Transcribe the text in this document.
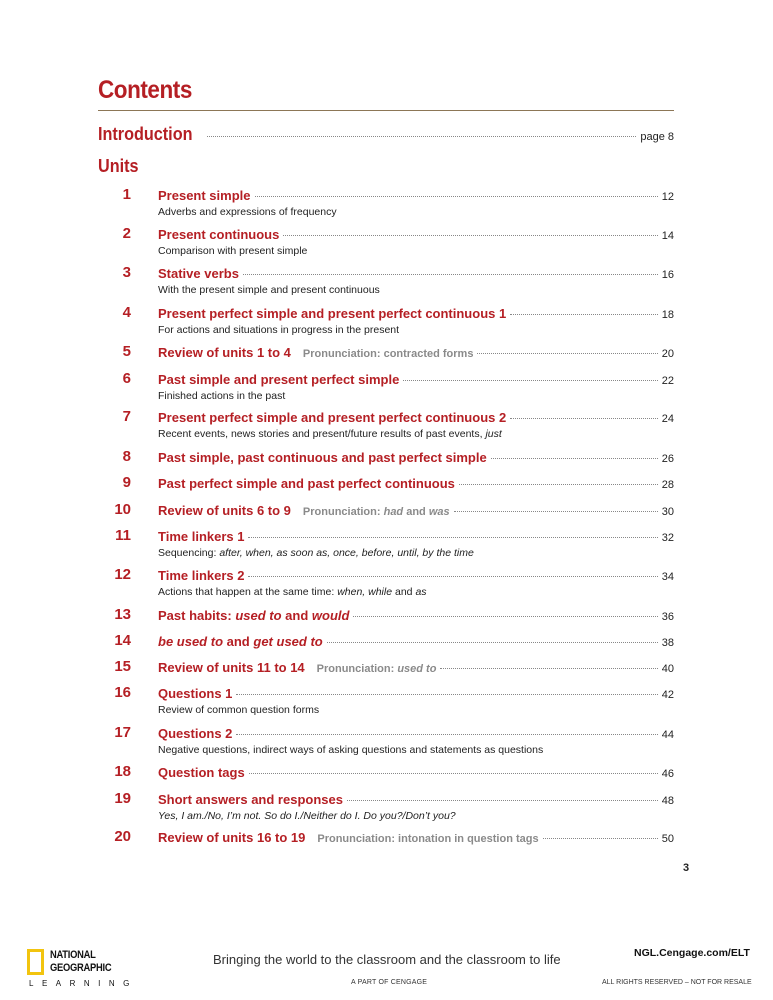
Contents
Introduction	page 8
Units
1 Present simple	12
Adverbs and expressions of frequency
2 Present continuous	14
Comparison with present simple
3 Stative verbs	16
With the present simple and present continuous
4 Present perfect simple and present perfect continuous 1	18
For actions and situations in progress in the present
5 Review of units 1 to 4 Pronunciation: contracted forms	20
6 Past simple and present perfect simple	22
Finished actions in the past
7 Present perfect simple and present perfect continuous 2	24
Recent events, news stories and present/future results of past events, just
8 Past simple, past continuous and past perfect simple	26
9 Past perfect simple and past perfect continuous	28
10 Review of units 6 to 9 Pronunciation: had and was	30
11 Time linkers 1	32
Sequencing: after, when, as soon as, once, before, until, by the time
12 Time linkers 2	34
Actions that happen at the same time: when, while and as
13 Past habits: used to and would	36
14 be used to and get used to	38
15 Review of units 11 to 14 Pronunciation: used to	40
16 Questions 1	42
Review of common question forms
17 Questions 2	44
Negative questions, indirect ways of asking questions and statements as questions
18 Question tags	46
19 Short answers and responses	48
Yes, I am./No, I’m not. So do I./Neither do I. Do you?/Don’t you?
20 Review of units 16 to 19 Pronunciation: intonation in question tags	50
3
NATIONAL
GEOGRAPHIC
LEARNING
Bringing the world to the classroom and the classroom to life
A PART OF CENGAGE
NGL.Cengage.com/ELT
ALL RIGHTS RESERVED – NOT FOR RESALE
